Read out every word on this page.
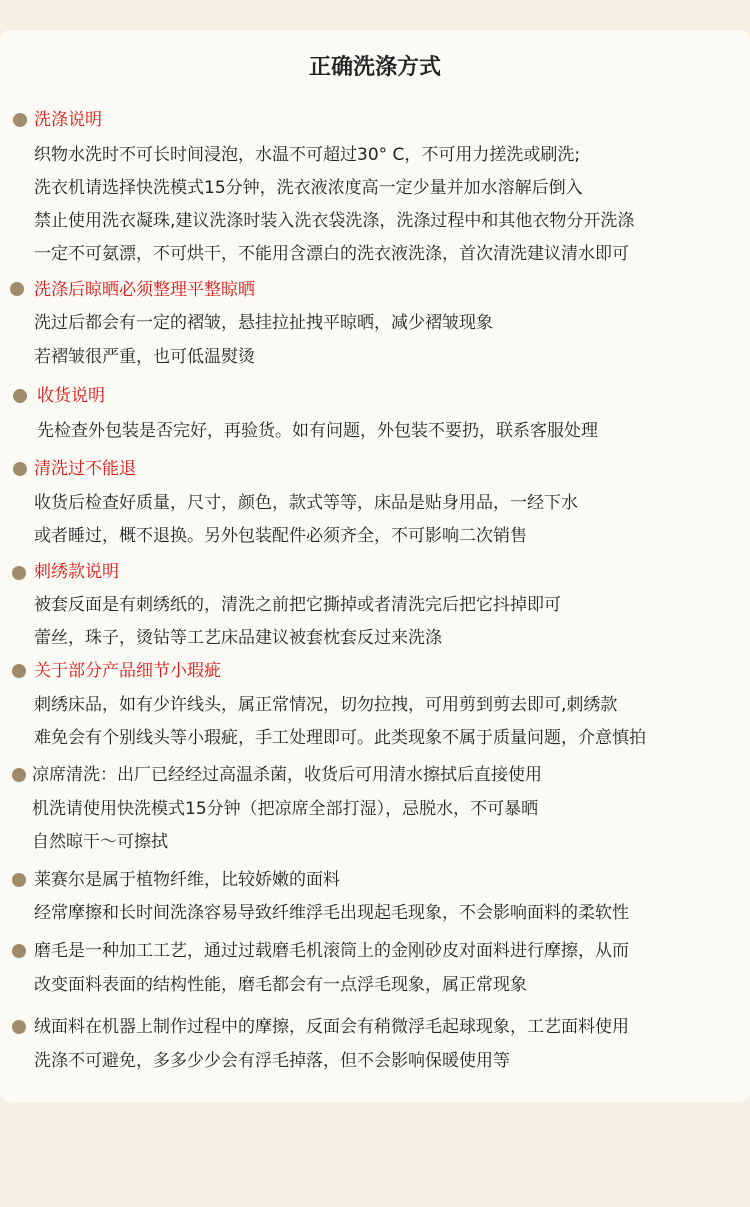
正确洗涤方式
洗涤说明
织物水洗时不可长时间浸泡，水温不可超过30° C，不可用力搓洗或刷洗;
洗衣机请选择快洗模式15分钟，洗衣液浓度高一定少量并加水溶解后倒入
禁止使用洗衣凝珠,建议洗涤时装入洗衣袋洗涤，洗涤过程中和其他衣物分开洗涤
一定不可氨漂，不可烘干，不能用含漂白的洗衣液洗涤，首次清洗建议清水即可
洗涤后晾晒必须整理平整晾晒
洗过后都会有一定的褶皱，悬挂拉扯拽平晾晒，减少褶皱现象
若褶皱很严重，也可低温熨烫
收货说明
先检查外包装是否完好，再验货。如有问题，外包装不要扔，联系客服处理
清洗过不能退
收货后检查好质量，尺寸，颜色，款式等等，床品是贴身用品，一经下水
或者睡过，概不退换。另外包装配件必须齐全，不可影响二次销售
刺绣款说明
被套反面是有刺绣纸的，清洗之前把它撕掉或者清洗完后把它抖掉即可
蕾丝，珠子，烫钻等工艺床品建议被套枕套反过来洗涤
关于部分产品细节小瑕疵
刺绣床品，如有少许线头，属正常情况，切勿拉拽，可用剪到剪去即可,刺绣款
难免会有个别线头等小瑕疵，手工处理即可。此类现象不属于质量问题，介意慎拍
凉席清洗：出厂已经经过高温杀菌，收货后可用清水擦拭后直接使用
机洗请使用快洗模式15分钟（把凉席全部打湿），忌脱水，不可暴晒
自然晾干～可擦拭
莱赛尔是属于植物纤维，比较娇嫩的面料
经常摩擦和长时间洗涤容易导致纤维浮毛出现起毛现象，不会影响面料的柔软性
磨毛是一种加工工艺，通过过载磨毛机滚筒上的金刚砂皮对面料进行摩擦，从而
改变面料表面的结构性能，磨毛都会有一点浮毛现象，属正常现象
绒面料在机器上制作过程中的摩擦，反面会有稍微浮毛起球现象，工艺面料使用
洗涤不可避免，多多少少会有浮毛掉落，但不会影响保暖使用等
